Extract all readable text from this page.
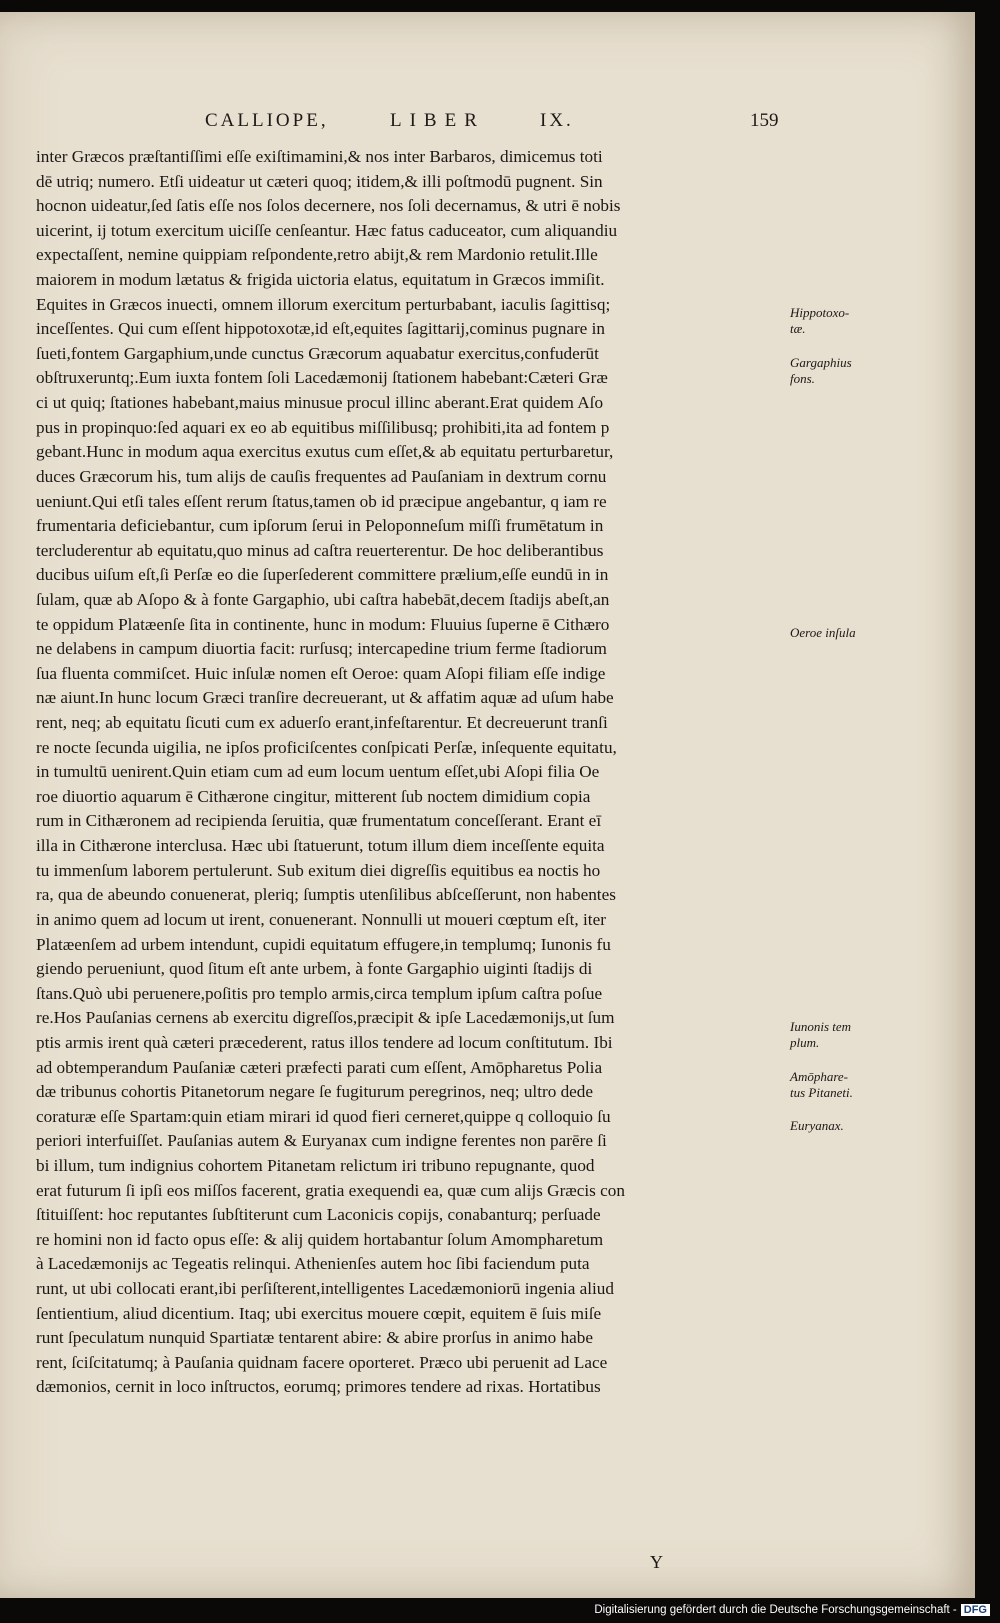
CALLIOPE,	LIBER	IX.	159
inter Græcos præſtantiſſimi eſſe exiſtimamini,& nos inter Barbaros, dimicemus toti
dē utriq; numero. Etſi uideatur ut cæteri quoq; itidem,& illi poſtmodū pugnent. Sin
hocnon uideatur,ſed ſatis eſſe nos ſolos decernere, nos ſoli decernamus, & utri ē nobis
uicerint, ij totum exercitum uiciſſe cenſeantur. Hæc fatus caduceator, cum aliquandiu
expectaſſent, nemine quippiam reſpondente,retro abijt,& rem Mardonio retulit.Ille
maiorem in modum lætatus & frigida uictoria elatus, equitatum in Græcos immiſit.
Equites in Græcos inuecti, omnem illorum exercitum perturbabant, iaculis ſagittisq;
inceſſentes. Qui cum eſſent hippotoxotæ,id eſt,equites ſagittarij,cominus pugnare in
ſueti,fontem Gargaphium,unde cunctus Græcorum aquabatur exercitus,confuderūt
obſtruxeruntq;.Eum iuxta fontem ſoli Lacedæmonij ſtationem habebant:Cæteri Græ
ci ut quiq; ſtationes habebant,maius minusue procul illinc aberant.Erat quidem Aſo
pus in propinquo:ſed aquari ex eo ab equitibus miſſilibusq; prohibiti,ita ad fontem p
gebant.Hunc in modum aqua exercitus exutus cum eſſet,& ab equitatu perturbaretur,
duces Græcorum his, tum alijs de cauſis frequentes ad Pauſaniam in dextrum cornu
ueniunt.Qui etſi tales eſſent rerum ſtatus,tamen ob id præcipue angebantur, q iam re
frumentaria deficiebantur, cum ipſorum ſerui in Peloponneſum miſſi frumētatum in
tercluderentur ab equitatu,quo minus ad caſtra reuerterentur. De hoc deliberantibus
ducibus uiſum eſt,ſi Perſæ eo die ſuperſederent committere prælium,eſſe eundū in in
ſulam, quæ ab Aſopo & à fonte Gargaphio, ubi caſtra habebāt,decem ſtadijs abeſt,an
te oppidum Platæenſe ſita in continente, hunc in modum: Fluuius ſuperne ē Cithæro
ne delabens in campum diuortia facit: rurſusq; intercapedine trium ferme ſtadiorum
ſua fluenta commiſcet. Huic inſulæ nomen eſt Oeroe: quam Aſopi filiam eſſe indige
næ aiunt.In hunc locum Græci tranſire decreuerant, ut & affatim aquæ ad uſum habe
rent, neq; ab equitatu ſicuti cum ex aduerſo erant,infeſtarentur. Et decreuerunt tranſi
re nocte ſecunda uigilia, ne ipſos proficiſcentes conſpicati Perſæ, inſequente equitatu,
in tumultū uenirent.Quin etiam cum ad eum locum uentum eſſet,ubi Aſopi filia Oe
roe diuortio aquarum ē Cithærone cingitur, mitterent ſub noctem dimidium copia
rum in Cithæronem ad recipienda ſeruitia, quæ frumentatum conceſſerant. Erant eī
illa in Cithærone interclusa. Hæc ubi ſtatuerunt, totum illum diem inceſſente equita
tu immenſum laborem pertulerunt. Sub exitum diei digreſſis equitibus ea noctis ho
ra, qua de abeundo conuenerat, pleriq; ſumptis utenſilibus abſceſſerunt, non habentes
in animo quem ad locum ut irent, conuenerant. Nonnulli ut moueri cœptum eſt, iter
Platæenſem ad urbem intendunt, cupidi equitatum effugere,in templumq; Iunonis fu
giendo perueniunt, quod ſitum eſt ante urbem, à fonte Gargaphio uiginti ſtadijs di
ſtans.Quò ubi peruenere,poſitis pro templo armis,circa templum ipſum caſtra poſue
re.Hos Pauſanias cernens ab exercitu digreſſos,præcipit & ipſe Lacedæmonijs,ut ſum
ptis armis irent quà cæteri præcederent, ratus illos tendere ad locum conſtitutum. Ibi
ad obtemperandum Pauſaniæ cæteri præfecti parati cum eſſent, Amōpharetus Polia
dæ tribunus cohortis Pitanetorum negare ſe fugiturum peregrinos, neq; ultro dede
coraturæ eſſe Spartam:quin etiam mirari id quod fieri cerneret,quippe q colloquio ſu
periori interfuiſſet. Pauſanias autem & Euryanax cum indigne ferentes non parēre ſi
bi illum, tum indignius cohortem Pitanetam relictum iri tribuno repugnante, quod
erat futurum ſi ipſi eos miſſos facerent, gratia exequendi ea, quæ cum alijs Græcis con
ſtituiſſent: hoc reputantes ſubſtiterunt cum Laconicis copijs, conabanturq; perſuade
re homini non id facto opus eſſe: & alij quidem hortabantur ſolum Amompharetum
à Lacedæmonijs ac Tegeatis relinqui. Athenienſes autem hoc ſibi faciendum puta
runt, ut ubi collocati erant,ibi perſiſterent,intelligentes Lacedæmoniorū ingenia aliud
ſentientium, aliud dicentium. Itaq; ubi exercitus mouere cœpit, equitem ē ſuis miſe
runt ſpeculatum nunquid Spartiatæ tentarent abire: & abire prorſus in animo habe
rent, ſciſcitatumq; à Pauſania quidnam facere oporteret. Præco ubi peruenit ad Lace
dæmonios, cernit in loco inſtructos, eorumq; primores tendere ad rixas. Hortatibus
Hippotoxo-
tæ.
Gargaphius
fons.
Oeroe inſula
Iunonis tem
plum.
Amōphare-
tus Pitaneti.
Euryanax.
Y
Digitalisierung gefördert durch die Deutsche Forschungsgemeinschaft - DFG
